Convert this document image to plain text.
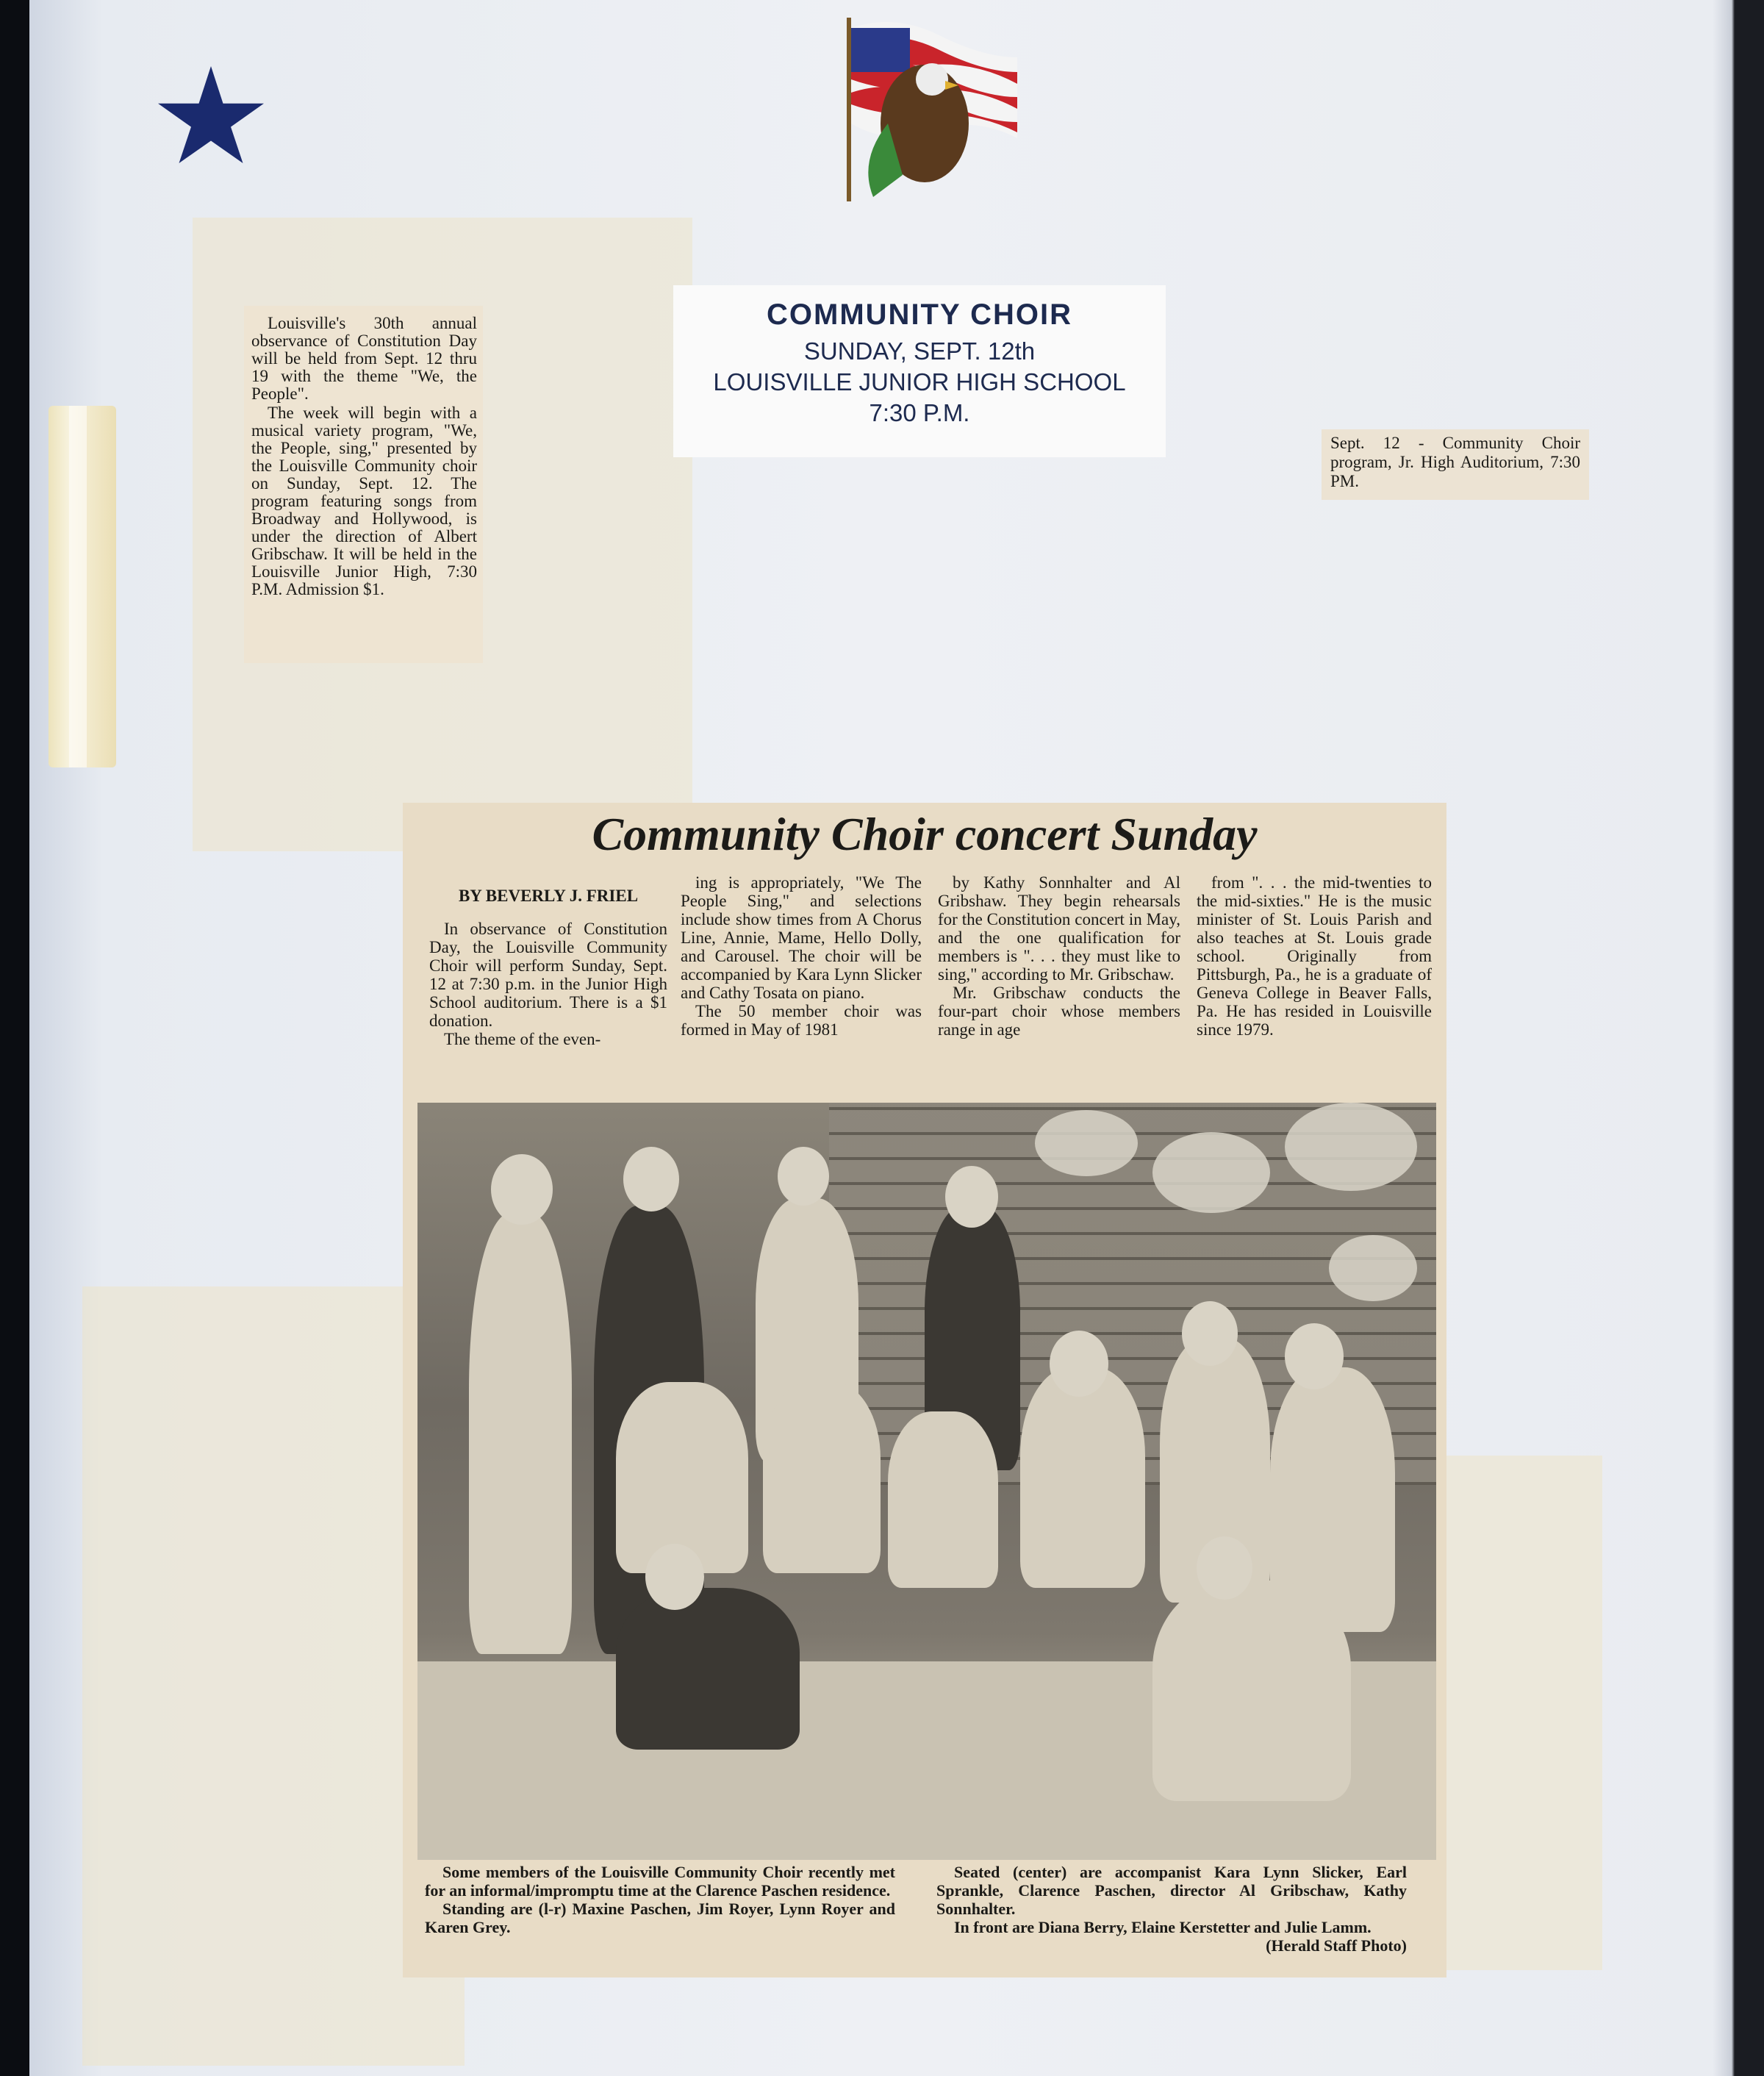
Louisville's 30th annual observance of Constitution Day will be held from Sept. 12 thru 19 with the theme "We, the People".

The week will begin with a musical variety program, "We, the People, sing," presented by the Louisville Community choir on Sunday, Sept. 12. The program featuring songs from Broadway and Hollywood, is under the direction of Albert Gribschaw. It will be held in the Louisville Junior High, 7:30 P.M. Admission $1.

COMMUNITY CHOIR
SUNDAY, SEPT. 12th
LOUISVILLE JUNIOR HIGH SCHOOL
7:30 P.M.
Sept. 12 - Community Choir program, Jr. High Auditorium, 7:30 PM.
Community Choir concert Sunday

BY BEVERLY J. FRIEL

In observance of Constitution Day, the Louisville Community Choir will perform Sunday, Sept. 12 at 7:30 p.m. in the Junior High School auditorium. There is a $1 donation.

The theme of the even-

ing is appropriately, "We The People Sing," and selections include show times from A Chorus Line, Annie, Mame, Hello Dolly, and Carousel. The choir will be accompanied by Kara Lynn Slicker and Cathy Tosata on piano.

The 50 member choir was formed in May of 1981

by Kathy Sonnhalter and Al Gribshaw. They begin rehearsals for the Constitution concert in May, and the one qualification for members is ". . . they must like to sing," according to Mr. Gribschaw.

Mr. Gribschaw conducts the four-part choir whose members range in age

from ". . . the mid-twenties to the mid-sixties." He is the music minister of St. Louis Parish and also teaches at St. Louis grade school. Originally from Pittsburgh, Pa., he is a graduate of Geneva College in Beaver Falls, Pa. He has resided in Louisville since 1979.

Some members of the Louisville Community Choir recently met for an informal/impromptu time at the Clarence Paschen residence.

Standing are (l-r) Maxine Paschen, Jim Royer, Lynn Royer and Karen Grey.

Seated (center) are accompanist Kara Lynn Slicker, Earl Sprankle, Clarence Paschen, director Al Gribschaw, Kathy Sonnhalter.

In front are Diana Berry, Elaine Kerstetter and Julie Lamm.

(Herald Staff Photo)
